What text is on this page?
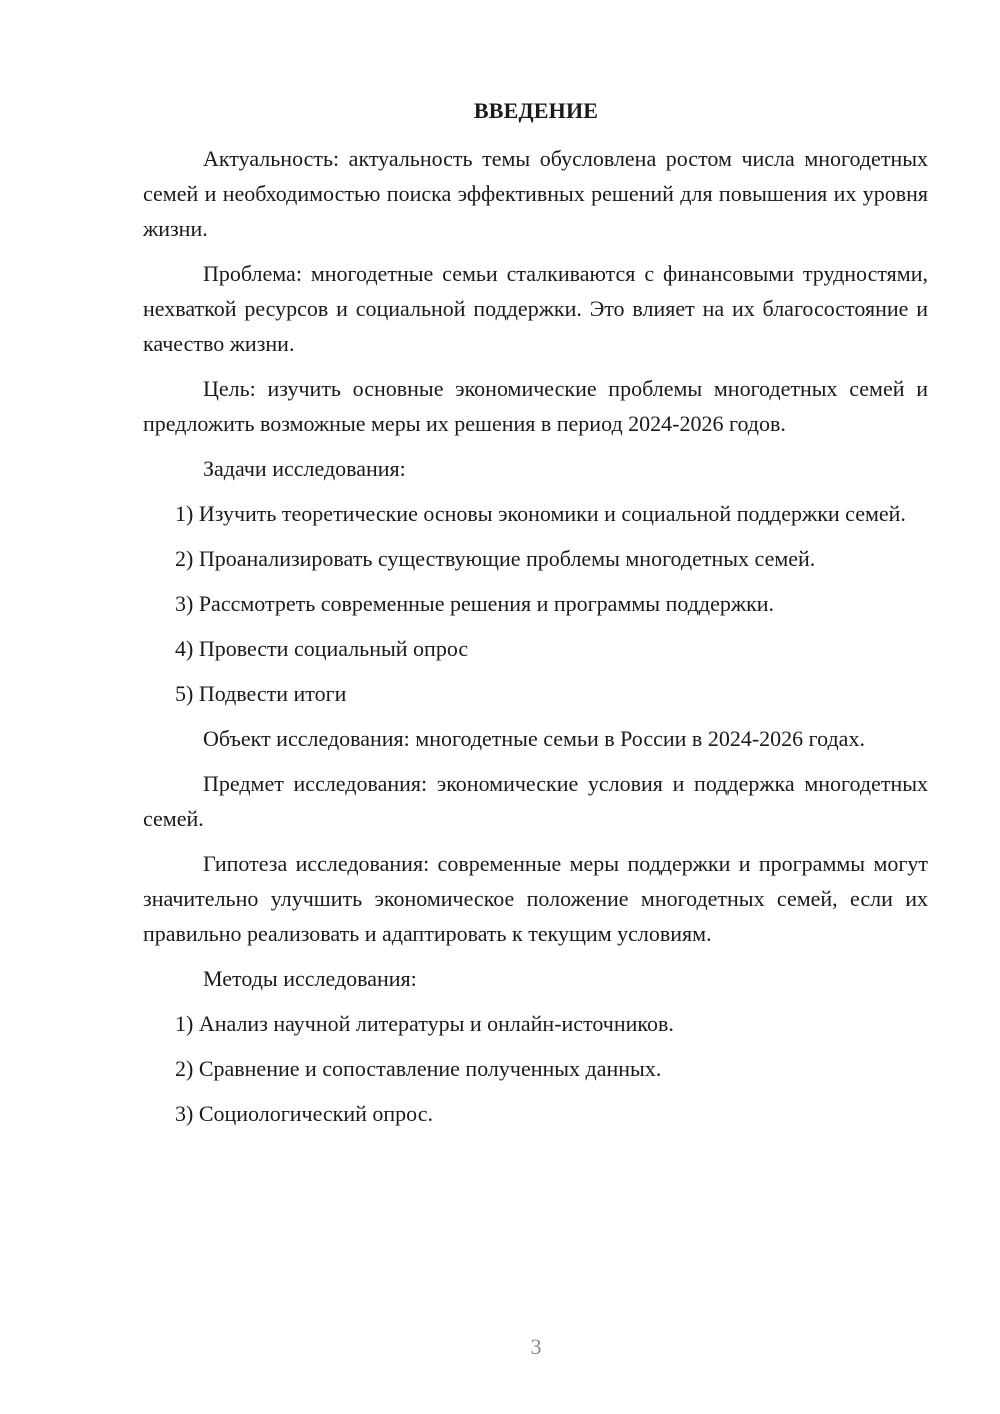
ВВЕДЕНИЕ

Актуальность: актуальность темы обусловлена ростом числа многодетных семей и необходимостью поиска эффективных решений для повышения их уровня жизни.

Проблема: многодетные семьи сталкиваются с финансовыми трудностями, нехваткой ресурсов и социальной поддержки. Это влияет на их благосостояние и качество жизни.

Цель: изучить основные экономические проблемы многодетных семей и предложить возможные меры их решения в период 2024-2026 годов.

Задачи исследования:

1) Изучить теоретические основы экономики и социальной поддержки семей.

2) Проанализировать существующие проблемы многодетных семей.

3) Рассмотреть современные решения и программы поддержки.

4) Провести социальный опрос

5) Подвести итоги

Объект исследования: многодетные семьи в России в 2024-2026 годах.

Предмет исследования: экономические условия и поддержка многодетных семей.

Гипотеза исследования: современные меры поддержки и программы могут значительно улучшить экономическое положение многодетных семей, если их правильно реализовать и адаптировать к текущим условиям.

Методы исследования:

1) Анализ научной литературы и онлайн-источников.

2) Сравнение и сопоставление полученных данных.

3) Социологический опрос.

3
